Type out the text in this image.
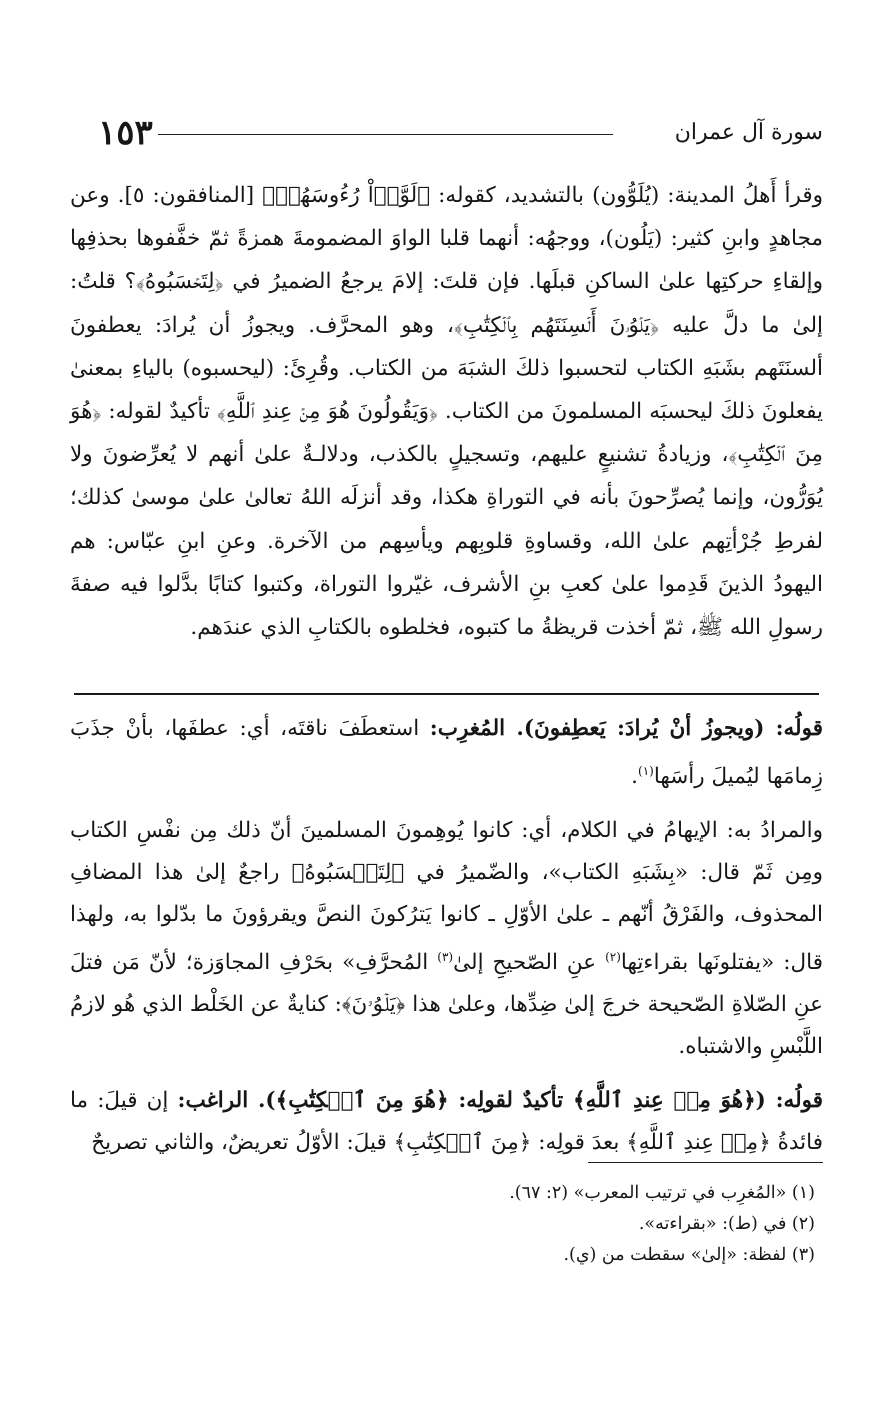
سورة آل عمران
١٥٣

وقرأ أَهلُ المدينة: (يُلَوُّون) بالتشديد، كقوله: ﴿لَوَّوۡاْ رُءُوسَهُمۡ﴾ [المنافقون: ٥]. وعن مجاهدٍ وابنِ كثير: (يَلُون)، ووجهُه: أنهما قلبا الواوَ المضمومةَ همزةً ثمّ خفَّفوها بحذفِها وإلقاءِ حركتِها علىٰ الساكنِ قبلَها. فإن قلتَ: إلامَ يرجعُ الضميرُ في ﴿لِتَحۡسَبُوهُ﴾؟ قلتُ: إلىٰ ما دلَّ عليه ﴿يَلۡوُۥنَ أَلۡسِنَتَهُم بِٱلۡكِتَٰبِ﴾، وهو المحرَّف. ويجوزُ أن يُرادَ: يعطفونَ ألسنَتَهم بشَبَهِ الكتاب لتحسبوا ذلكَ الشبَهَ من الكتاب. وقُرِئَ: (ليحسبوه) بالياءِ بمعنىٰ يفعلونَ ذلكَ ليحسبَه المسلمونَ من الكتاب. ﴿وَيَقُولُونَ هُوَ مِنۡ عِندِ ٱللَّهِ﴾ تأكيدٌ لقوله: ﴿هُوَ مِنَ ٱلۡكِتَٰبِ﴾، وزيادةُ تشنيعٍ عليهم، وتسجيلٍ بالكذب، ودلالـةٌ علىٰ أنهم لا يُعرِّضونَ ولا يُوَرُّون، وإنما يُصرِّحونَ بأنه في التوراةِ هكذا، وقد أنزلَه اللهُ تعالىٰ علىٰ موسىٰ كذلك؛ لفرطِ جُرْأتِهم علىٰ الله، وقساوةِ قلوبِهم ويأسِهم من الآخرة. وعنِ ابنِ عبّاس: هم اليهودُ الذينَ قَدِموا علىٰ كعبِ بنِ الأشرف، غيّروا التوراة، وكتبوا كتابًا بدَّلوا فيه صفةَ رسولِ الله ﷺ، ثمّ أخذت قريظةُ ما كتبوه، فخلطوه بالكتابِ الذي عندَهم.

قولُه: (ويجوزُ أنْ يُرادَ: يَعطِفونَ). المُغرِب: استعطَفَ ناقتَه، أي: عطفَها، بأنْ جذَبَ زِمامَها ليُميلَ رأسَها$^{(١)}$.

والمرادُ به: الإيهامُ في الكلام، أي: كانوا يُوهِمونَ المسلمينَ أنّ ذلك مِن نفْسِ الكتاب ومِن ثَمّ قال: «بِشَبَهِ الكتاب»، والضّميرُ في ﴿لِتَحۡسَبُوهُ﴾ راجعٌ إلىٰ هذا المضافِ المحذوف، والفَرْقُ أنّهم ـ علىٰ الأوّلِ ـ كانوا يَترُكونَ النصَّ ويقرؤونَ ما بدّلوا به، ولهذا قال: «يفتلونَها بقراءتِها$^{(٢)}$ عنِ الصّحيحِ إلىٰ$^{(٣)}$ المُحرَّفِ» بحَرْفِ المجاوَزة؛ لأنّ مَن فتلَ عنِ الصّلاةِ الصّحيحة خرجَ إلىٰ ضِدِّها، وعلىٰ هذا ﴿يَلۡوُۥنَ﴾: كنايةٌ عن الخَلْط الذي هُو لازمُ اللَّبْسِ والاشتباه.

قولُه: (﴿هُوَ مِنۡ عِندِ ٱللَّهِ﴾ تأكيدٌ لقولِه: ﴿هُوَ مِنَ ٱلۡكِتَٰبِ﴾). الراغب: إن قيلَ: ما فائدةُ ﴿مِنۡ عِندِ ٱللَّهِ﴾ بعدَ قولِه: ﴿مِنَ ٱلۡكِتَٰبِ﴾ قيلَ: الأوّلُ تعريضٌ، والثاني تصريحٌ

(١) «المُغرِب في ترتيب المعرب» (٢: ٦٧).
(٢) في (ط): «بقراءته».
(٣) لفظة: «إلىٰ» سقطت من (ي).
